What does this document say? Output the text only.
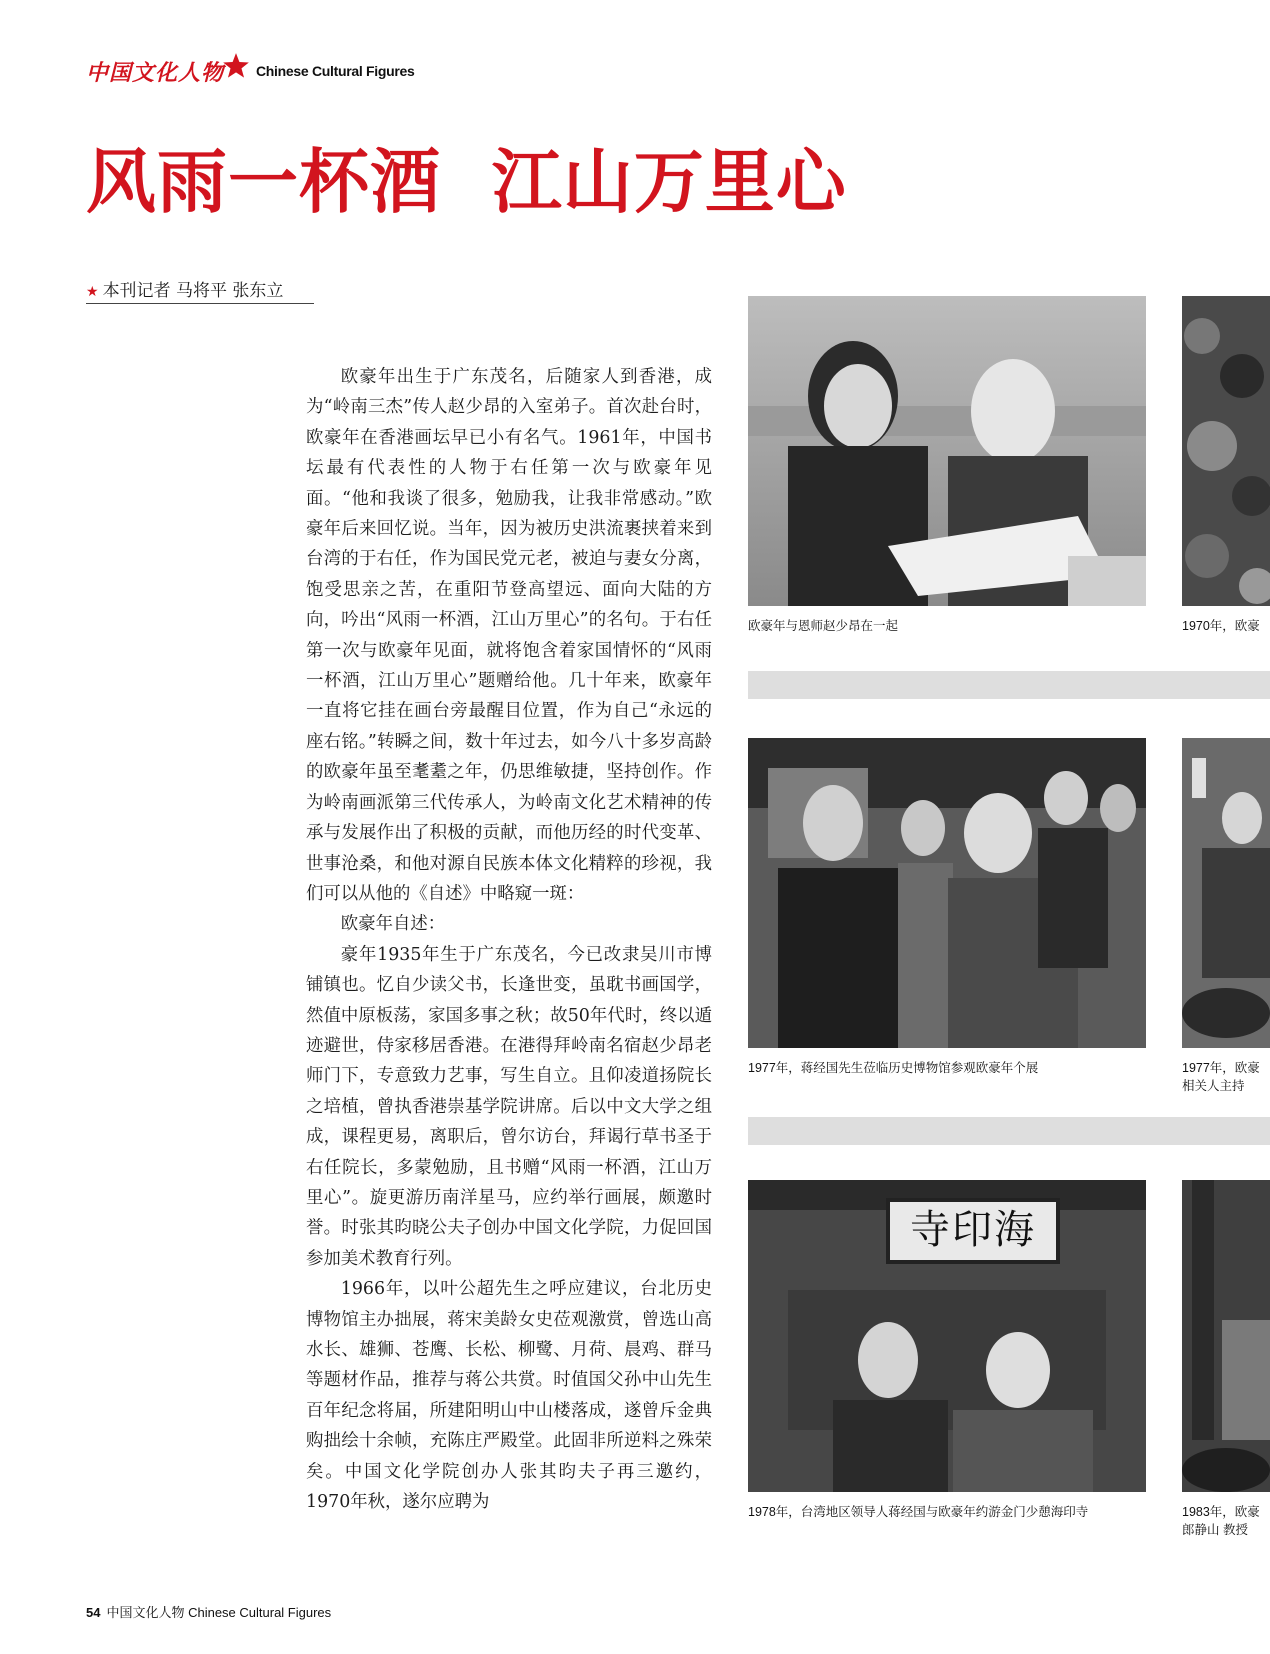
中国文化人物 Chinese Cultural Figures
风雨一杯酒  江山万里心
★ 本刊记者 马将平 张东立

欧豪年出生于广东茂名，后随家人到香港，成为“岭南三杰”传人赵少昂的入室弟子。首次赴台时，欧豪年在香港画坛早已小有名气。1961年，中国书坛最有代表性的人物于右任第一次与欧豪年见面。“他和我谈了很多，勉励我，让我非常感动。”欧豪年后来回忆说。当年，因为被历史洪流裹挟着来到台湾的于右任，作为国民党元老，被迫与妻女分离，饱受思亲之苦，在重阳节登高望远、面向大陆的方向，吟出“风雨一杯酒，江山万里心”的名句。于右任第一次与欧豪年见面，就将饱含着家国情怀的“风雨一杯酒，江山万里心”题赠给他。几十年来，欧豪年一直将它挂在画台旁最醒目位置，作为自己“永远的座右铭。”转瞬之间，数十年过去，如今八十多岁高龄的欧豪年虽至耄耋之年，仍思维敏捷，坚持创作。作为岭南画派第三代传承人，为岭南文化艺术精神的传承与发展作出了积极的贡献，而他历经的时代变革、世事沧桑，和他对源自民族本体文化精粹的珍视，我们可以从他的《自述》中略窥一斑：

欧豪年自述：

豪年1935年生于广东茂名，今已改隶吴川市博铺镇也。忆自少读父书，长逢世变，虽耽书画国学，然值中原板荡，家国多事之秋；故50年代时，终以遁迹避世，侍家移居香港。在港得拜岭南名宿赵少昂老师门下，专意致力艺事，写生自立。且仰凌道扬院长之培植，曾执香港崇基学院讲席。后以中文大学之组成，课程更易，离职后，曾尔访台，拜谒行草书圣于右任院长，多蒙勉励，且书赠“风雨一杯酒，江山万里心”。旋更游历南洋星马，应约举行画展，颇邀时誉。时张其昀晓公夫子创办中国文化学院，力促回国参加美术教育行列。

1966年，以叶公超先生之呼应建议，台北历史博物馆主办拙展，蒋宋美龄女史莅观激赏，曾选山高水长、雄狮、苍鹰、长松、柳鹭、月荷、晨鸡、群马等题材作品，推荐与蒋公共赏。时值国父孙中山先生百年纪念将届，所建阳明山中山楼落成，遂曾斥金典购拙绘十余帧，充陈庄严殿堂。此固非所逆料之殊荣矣。中国文化学院创办人张其昀夫子再三邀约，1970年秋，遂尔应聘为

欧豪年与恩师赵少昂在一起	1970年，欧豪
1977年，蒋经国先生莅临历史博物馆参观欧豪年个展	1977年，欧豪
相关人主持
寺印海
1978年，台湾地区领导人蒋经国与欧豪年约游金门少憩海印寺	1983年，欧豪
郎静山 教授
54 中国文化人物 Chinese Cultural Figures
